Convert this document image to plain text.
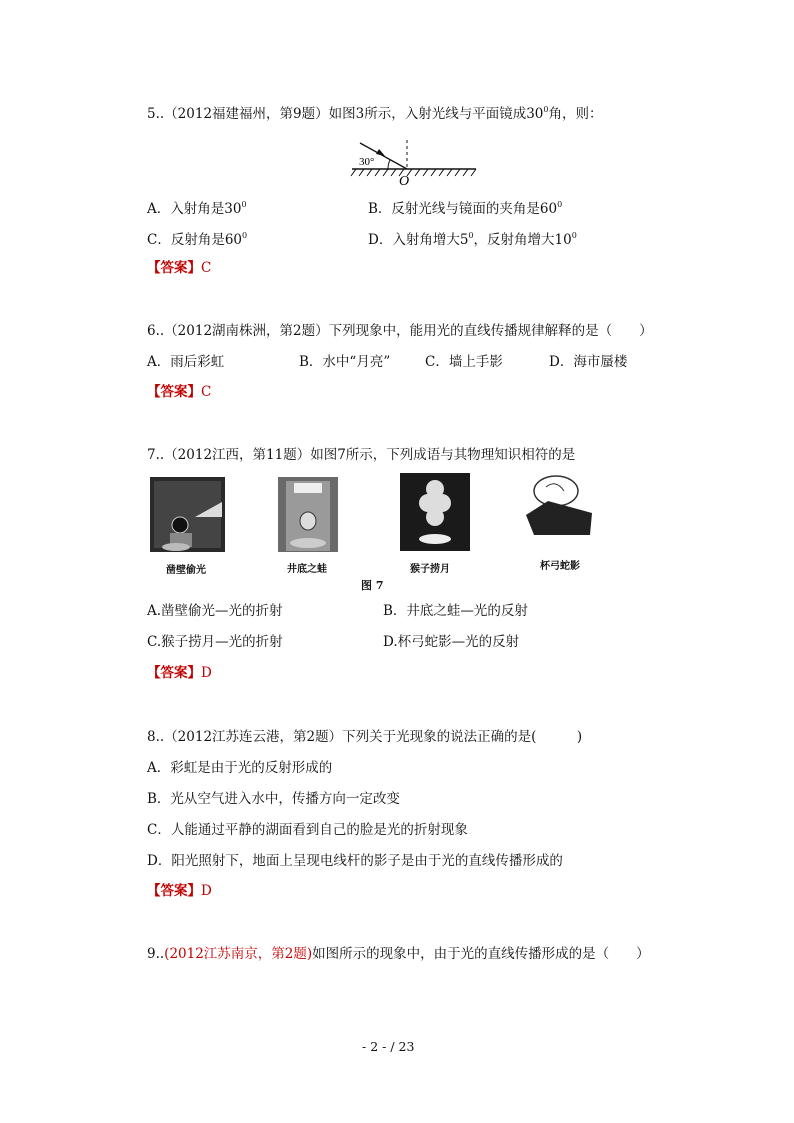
5..（2012福建福州，第9题）如图3所示，入射光线与平面镜成$30^0$角，则：
30°
O
A．入射角是$30^0$	B．反射光线与镜面的夹角是$60^0$
C．反射角是$60^0$	D．入射角增大$5^0$，反射角增大$10^0$
【答案】C
6..（2012湖南株洲，第2题）下列现象中，能用光的直线传播规律解释的是（　　）
A．雨后彩虹	B．水中“月亮”	C．墙上手影	D．海市蜃楼
【答案】C
7..（2012江西，第11题）如图7所示，下列成语与其物理知识相符的是
凿壁偷光	井底之蛙	猴子捞月	杯弓蛇影
图 7
A.凿壁偷光—光的折射	B．井底之蛙—光的反射
C.猴子捞月—光的折射	D.杯弓蛇影—光的反射
【答案】D
8..（2012江苏连云港，第2题）下列关于光现象的说法正确的是(　　　)
A．彩虹是由于光的反射形成的
B．光从空气进入水中，传播方向一定改变
C．人能通过平静的湖面看到自己的脸是光的折射现象
D．阳光照射下，地面上呈现电线杆的影子是由于光的直线传播形成的
【答案】D
9..(2012江苏南京，第2题)如图所示的现象中，由于光的直线传播形成的是（　　）
- 2 - / 23
